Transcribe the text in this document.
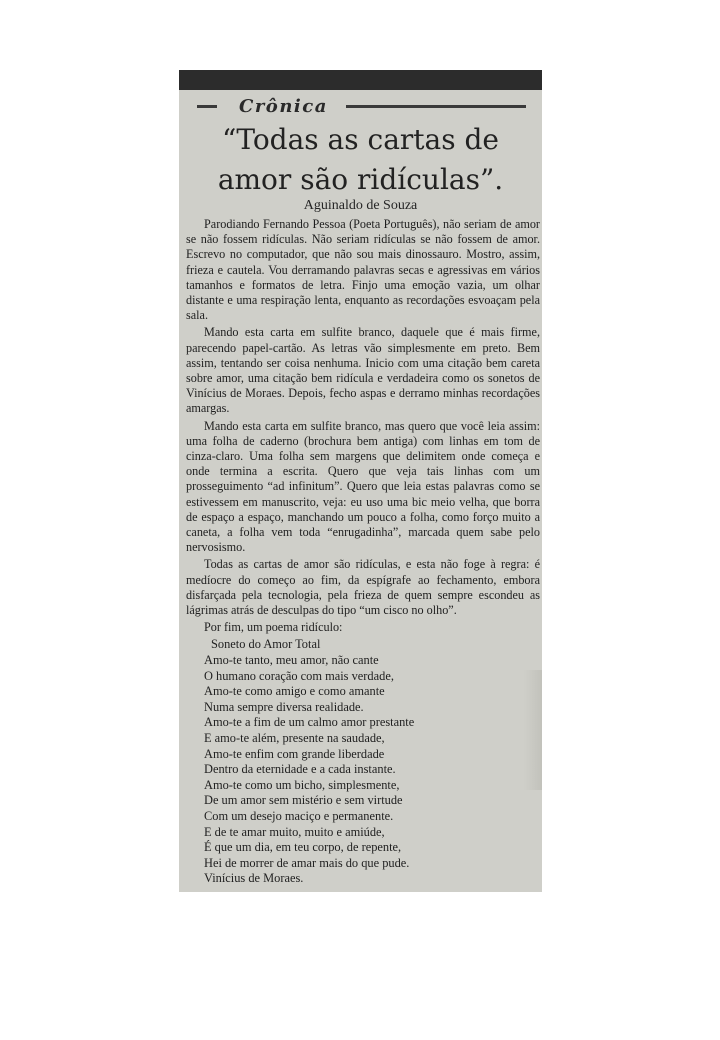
Crônica
“Todas as cartas de
amor são ridículas”.
Aguinaldo de Souza

Parodiando Fernando Pessoa (Poeta Português), não seriam de amor se não fossem ridículas. Não seriam ridículas se não fossem de amor. Escrevo no computador, que não sou mais dinossauro. Mostro, assim, frieza e cautela. Vou derramando palavras secas e agressivas em vários tamanhos e formatos de letra. Finjo uma emoção vazia, um olhar distante e uma respiração lenta, enquanto as recordações esvoaçam pela sala.

Mando esta carta em sulfite branco, daquele que é mais firme, parecendo papel-cartão. As letras vão simplesmente em preto. Bem assim, tentando ser coisa nenhuma. Inicio com uma citação bem careta sobre amor, uma citação bem ridícula e verdadeira como os sonetos de Vinícius de Moraes. Depois, fecho aspas e derramo minhas recordações amargas.

Mando esta carta em sulfite branco, mas quero que você leia assim: uma folha de caderno (brochura bem antiga) com linhas em tom de cinza-claro. Uma folha sem margens que delimitem onde começa e onde termina a escrita. Quero que veja tais linhas com um prosseguimento “ad infinitum”. Quero que leia estas palavras como se estivessem em manuscrito, veja: eu uso uma bic meio velha, que borra de espaço a espaço, manchando um pouco a folha, como forço muito a caneta, a folha vem toda “enrugadinha”, marcada quem sabe pelo nervosismo.

Todas as cartas de amor são ridículas, e esta não foge à regra: é medíocre do começo ao fim, da espígrafe ao fechamento, embora disfarçada pela tecnologia, pela frieza de quem sempre escondeu as lágrimas atrás de desculpas do tipo “um cisco no olho”.

Por fim, um poema ridículo:

Soneto do Amor Total
Amo-te tanto, meu amor, não cante
O humano coração com mais verdade,
Amo-te como amigo e como amante
Numa sempre diversa realidade.
Amo-te a fim de um calmo amor prestante
E amo-te além, presente na saudade,
Amo-te enfim com grande liberdade
Dentro da eternidade e a cada instante.
Amo-te como um bicho, simplesmente,
De um amor sem mistério e sem virtude
Com um desejo maciço e permanente.
E de te amar muito, muito e amiúde,
É que um dia, em teu corpo, de repente,
Hei de morrer de amar mais do que pude.
Vinícius de Moraes.
